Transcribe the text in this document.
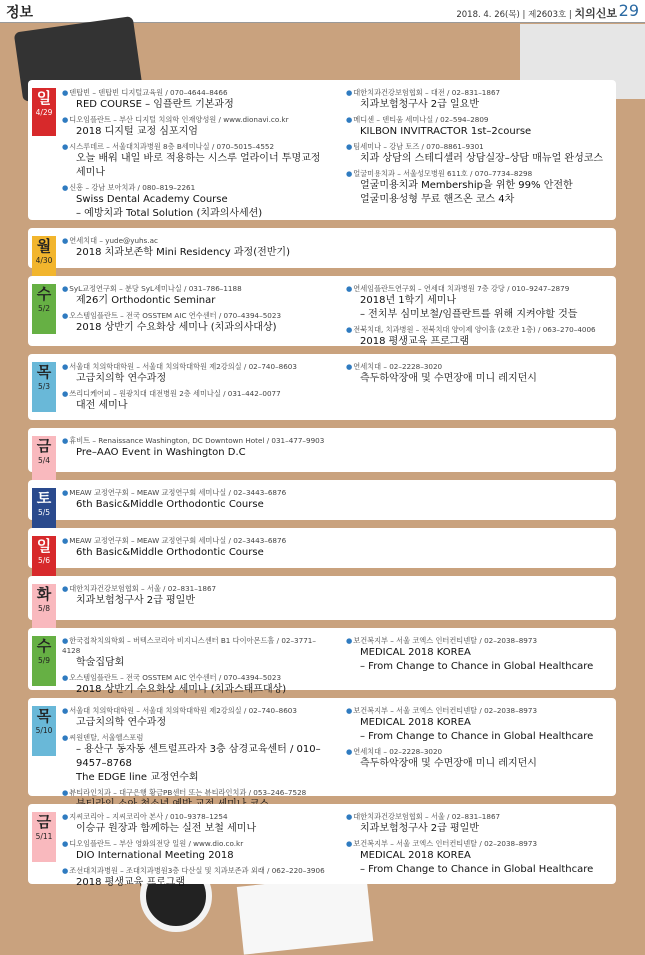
정보	2018. 4. 26(목) | 제2603호 | 치의신보 29
일
4/29
● 덴탑빈 – 덴탑빈 디지털교육원 / 070–4644–8466
RED COURSE – 임플란트 기본과정
● 디오임플란트 – 부산 디지털 치의학 인재양성원 / www.dionavi.co.kr
2018 디지털 교정 심포지엄
● 시스루데르 – 서울대치과병원 8층 B세미나실 / 070–5015–4552
오늘 배워 내일 바로 적용하는 시스루 얼라이너 투명교정 세미나
● 신흥 – 강남 보아치과 / 080–819–2261
Swiss Dental Academy Course
– 예방치과 Total Solution (치과의사세션)
● 대한치과건강보험협회 – 대전 / 02–831–1867
치과보험청구사 2급 일요반
● 메디센 – 덴티움 세미나실 / 02–594–2809
KILBON INVITRACTOR 1st–2course
● 팀세미나 – 강남 토즈 / 070–8861–9301
치과 상담의 스테디셀러 상담실장–상담 매뉴얼 완성코스
● 얼굴미용치과 – 서울성모병원 611호 / 070–7734–8298
얼굴미용치과 Membership을 위한 99% 안전한
얼굴미용성형 무료 핸즈온 코스 4차
월
4/30
● 연세치대 – yude@yuhs.ac
2018 치과보존학 Mini Residency 과정(전반기)
수
5/2
● SyL교정연구회 – 분당 SyL세미나실 / 031–786–1188
제26기 Orthodontic Seminar
● 오스템임플란트 – 전국 OSSTEM AIC 연수센터 / 070–4394–5023
2018 상반기 수요화상 세미나 (치과의사대상)
● 연세임플란트연구회 – 연세대 치과병원 7층 강당 / 010–9247–2879
2018년 1학기 세미나
– 전치부 심미보철/임플란트를 위해 지켜야할 것들
● 전북치대, 치과병원 – 전북치대 양이제 양이홀 (2호관 1층) / 063–270–4006
2018 평생교육 프로그램
목
5/3
● 서울대 치의학대학원 – 서울대 치의학대학원 제2강의실 / 02–740–8603
고급치의학 연수과정
● 쓰리디케어피 – 원광치대 대전병원 2층 세미나실 / 031–442–0077
대전 세미나
● 연세치대 – 02–2228–3020
측두하악장애 및 수면장애 미니 레지던시
금
5/4
● 휴비트 – Renaissance Washington, DC Downtown Hotel / 031–477–9903
Pre–AAO Event in Washington D.C
토
5/5
● MEAW 교정연구회 – MEAW 교정연구회 세미나실 / 02–3443–6876
6th Basic&Middle Orthodontic Course
일
5/6
● MEAW 교정연구회 – MEAW 교정연구회 세미나실 / 02–3443–6876
6th Basic&Middle Orthodontic Course
화
5/8
● 대한치과건강보험협회 – 서울 / 02–831–1867
치과보험청구사 2급 평일반
수
5/9
● 한국접착치의학회 – 버텍스코리아 비지니스센터 B1 다이아몬드홀 / 02–3771–4128
학술집담회
● 오스템임플란트 – 전국 OSSTEM AIC 연수센터 / 070–4394–5023
2018 상반기 수요화상 세미나 (치과스태프대상)
● 보건복지부 – 서울 코엑스 인터컨티넨탈 / 02–2038–8973
MEDICAL 2018 KOREA
– From Change to Chance in Global Healthcare
목
5/10
● 서울대 치의학대학원 – 서울대 치의학대학원 제2강의실 / 02–740–8603
고급치의학 연수과정
● 씨원덴탈, 서울헬스포럼
– 용산구 동자동 센트럴프라자 3층 삼경교육센터 / 010–9457–8768
The EDGE line 교정연수회
● 뷰티라인치과 – 대구은행 황금PB센터 또는 뷰티라인치과 / 053–246–7528
● 보건복지부 – 서울 코엑스 인터컨티넨탈 / 02–2038–8973
MEDICAL 2018 KOREA
– From Change to Chance in Global Healthcare
● 연세치대 – 02–2228–3020
측두하악장애 및 수면장애 미니 레지던시
금
5/11
● 지씨코리아 – 지씨코리아 본사 / 010–9378–1254
이승규 원장과 함께하는 실전 보철 세미나
● 디오임플란트 – 부산 영화의전당 일원 / www.dio.co.kr
DIO International Meeting 2018
● 조선대치과병원 – 조대치과병원3층 다산실 및 치과보존과 외래 / 062–220–3906
2018 평생교육 프로그램
● 대한치과건강보험협회 – 서울 / 02–831–1867
치과보험청구사 2급 평일반
● 보건복지부 – 서울 코엑스 인터컨티넨탈 / 02–2038–8973
MEDICAL 2018 KOREA
– From Change to Chance in Global Healthcare
